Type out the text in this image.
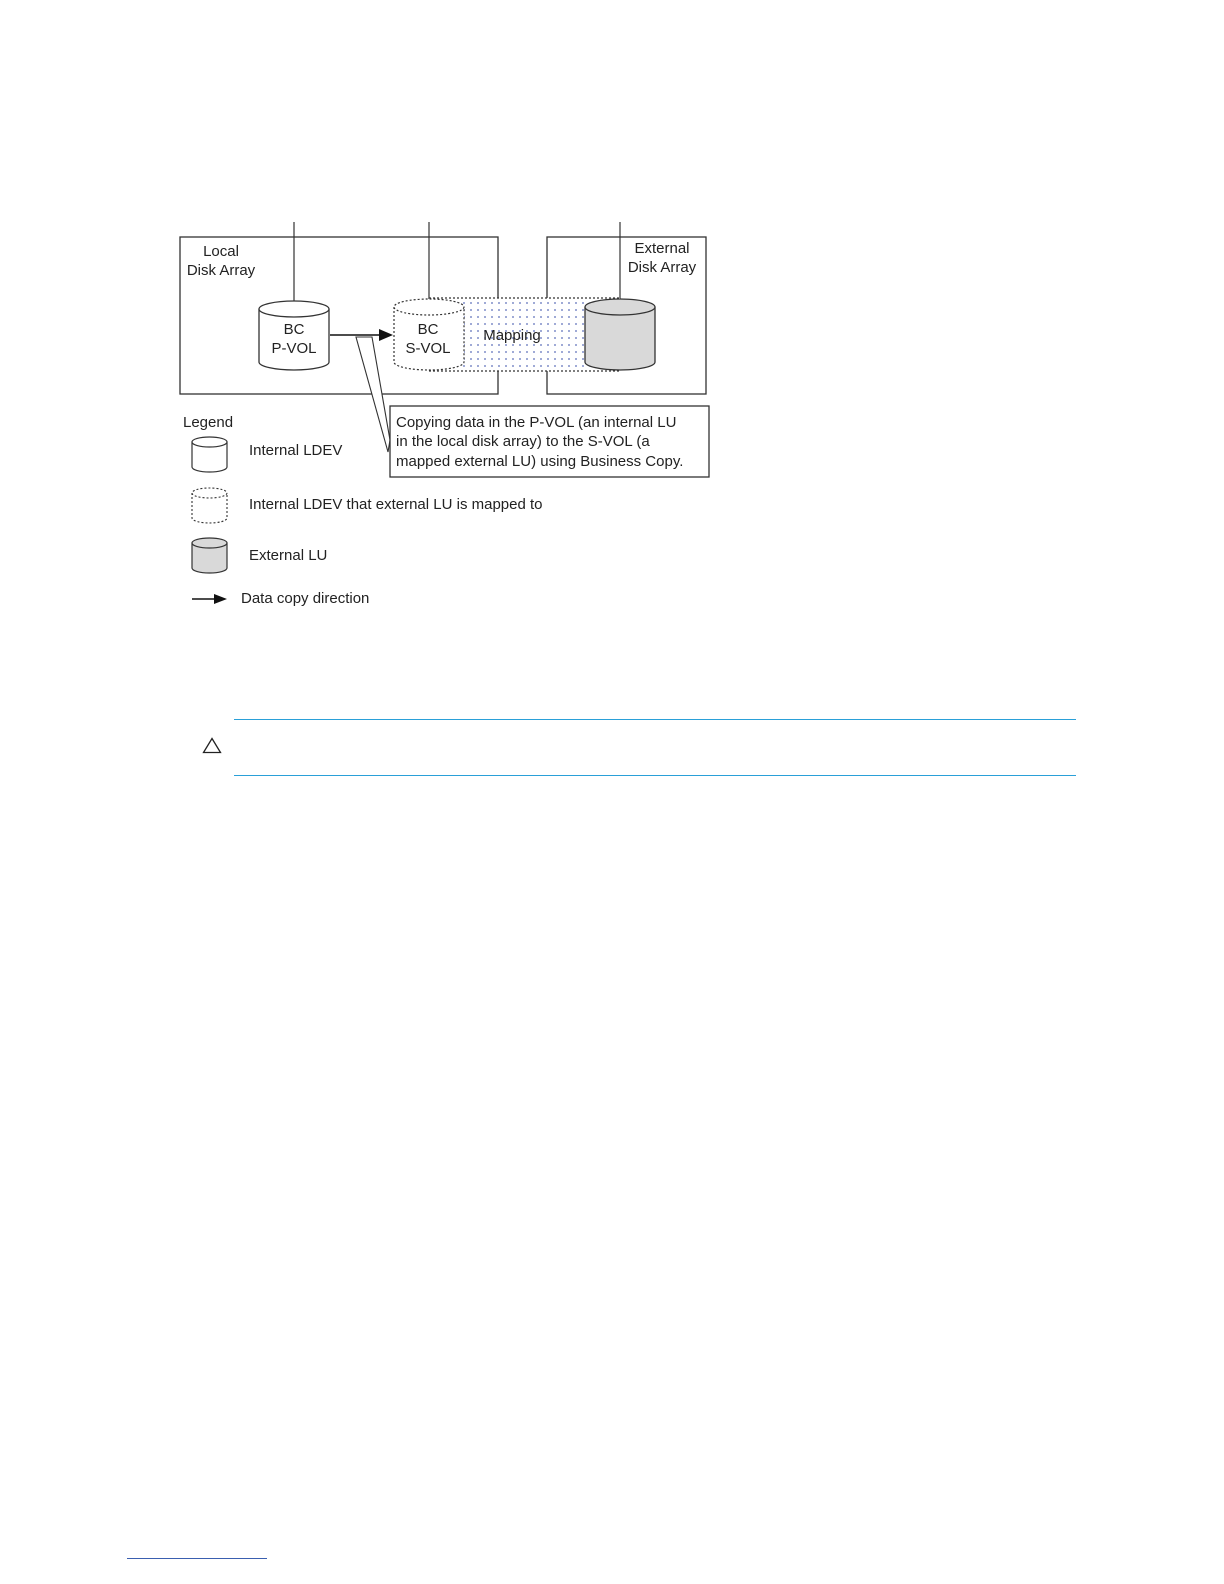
Local
Disk Array
External
Disk Array
Mapping
BC
P-VOL
BC
S-VOL
Copying data in the P-VOL (an internal LU
in the local disk array) to the S-VOL (a
mapped external LU) using Business Copy.
Legend
Internal LDEV
Internal LDEV that external LU is mapped to
External LU
Data copy direction
